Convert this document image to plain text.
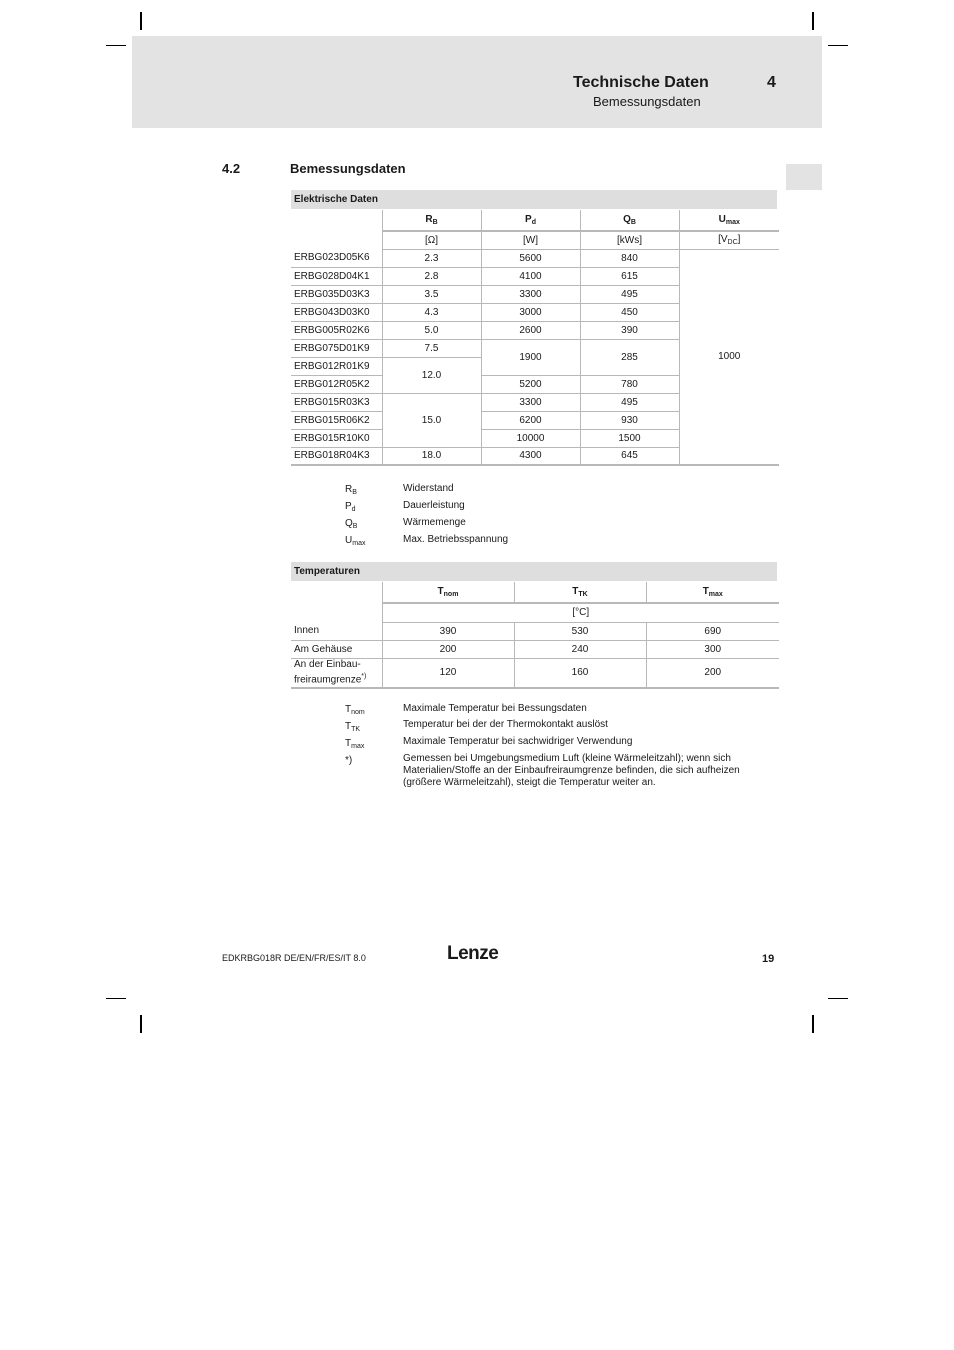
Technische Daten	4
Bemessungsdaten
4.2	Bemessungsdaten
Elektrische Daten
	$R_B$	$P_d$	$Q_B$	$U_{max}$
	[Ω]	[W]	[kWs]	$[V_{DC}]$
ERBG023D05K6	2.3	5600	840	1000
ERBG028D04K1	2.8	4100	615	
ERBG035D03K3	3.5	3300	495	
ERBG043D03K0	4.3	3000	450	
ERBG005R02K6	5.0	2600	390	
ERBG075D01K9	7.5	1900	285	
ERBG012R01K9	12.0			
ERBG012R05K2		5200	780	
ERBG015R03K3	15.0	3300	495	
ERBG015R06K2		6200	930	
ERBG015R10K0		10000	1500	
ERBG018R04K3	18.0	4300	645	
$R_B$	Widerstand
$P_d$	Dauerleistung
$Q_B$	Wärmemenge
$U_{max}$	Max. Betriebsspannung
Temperaturen
	$T_{nom}$	$T_{TK}$	$T_{max}$
	[°C]		
Innen	390	530	690
Am Gehäuse	200	240	300
An der Einbau-
freiraumgrenze*)	120	160	200
$T_{nom}$	Maximale Temperatur bei Bessungsdaten
$T_{TK}$	Temperatur bei der der Thermokontakt auslöst
$T_{max}$	Maximale Temperatur bei sachwidriger Verwendung
*)	Gemessen bei Umgebungsmedium Luft (kleine Wärmeleitzahl); wenn sich Materialien/Stoffe an der Einbaufreiraumgrenze befinden, die sich aufheizen (größere Wärmeleitzahl), steigt die Temperatur weiter an.
EDKRBG018R DE/EN/FR/ES/IT 8.0	Lenze	19
